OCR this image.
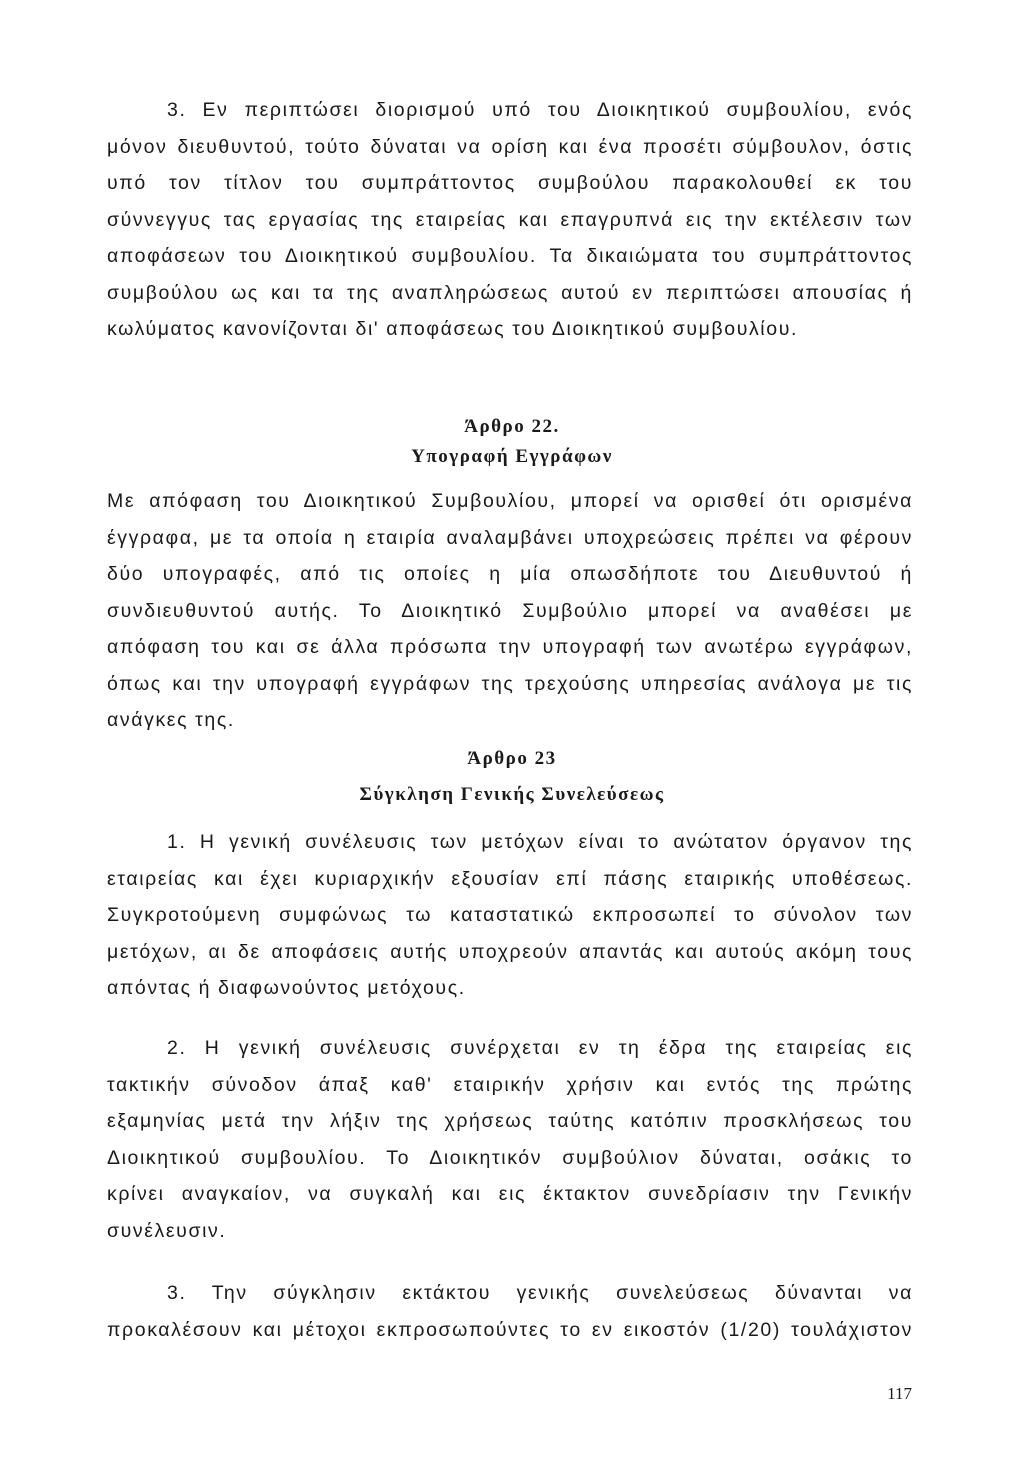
3. Εν περιπτώσει διορισμού υπό του Διοικητικού συμβουλίου, ενός
μόνον διευθυντού, τούτο δύναται να ορίση και ένα προσέτι σύμβουλον, όστις
υπό τον τίτλον του συμπράττοντος συμβούλου παρακολουθεί εκ του
σύννεγγυς τας εργασίας της εταιρείας και επαγρυπνά εις την εκτέλεσιν των
αποφάσεων του Διοικητικού συμβουλίου. Τα δικαιώματα του συμπράττοντος
συμβούλου ως και τα της αναπληρώσεως αυτού εν περιπτώσει απουσίας ή
κωλύματος κανονίζονται δι' αποφάσεως του Διοικητικού συμβουλίου.
Άρθρο 22.
Υπογραφή Εγγράφων
Με απόφαση του Διοικητικού Συμβουλίου, μπορεί να ορισθεί ότι ορισμένα
έγγραφα, με τα οποία η εταιρία αναλαμβάνει υποχρεώσεις πρέπει να φέρουν
δύο υπογραφές, από τις οποίες η μία οπωσδήποτε του Διευθυντού ή
συνδιευθυντού αυτής. Το Διοικητικό Συμβούλιο μπορεί να αναθέσει με
απόφαση του και σε άλλα πρόσωπα την υπογραφή των ανωτέρω εγγράφων,
όπως και την υπογραφή εγγράφων της τρεχούσης υπηρεσίας ανάλογα με τις
ανάγκες της.
Άρθρο 23
Σύγκληση Γενικής Συνελεύσεως
1. Η γενική συνέλευσις των μετόχων είναι το ανώτατον όργανον της
εταιρείας και έχει κυριαρχικήν εξουσίαν επί πάσης εταιρικής υποθέσεως.
Συγκροτούμενη συμφώνως τω καταστατικώ εκπροσωπεί το σύνολον των
μετόχων, αι δε αποφάσεις αυτής υποχρεούν απαντάς και αυτούς ακόμη τους
απόντας ή διαφωνούντος μετόχους.
2. Η γενική συνέλευσις συνέρχεται εν τη έδρα της εταιρείας εις
τακτικήν σύνοδον άπαξ καθ' εταιρικήν χρήσιν και εντός της πρώτης
εξαμηνίας μετά την λήξιν της χρήσεως ταύτης κατόπιν προσκλήσεως του
Διοικητικού συμβουλίου. Το Διοικητικόν συμβούλιον δύναται, οσάκις το
κρίνει αναγκαίον, να συγκαλή και εις έκτακτον συνεδρίασιν την Γενικήν
συνέλευσιν.
3. Την σύγκλησιν εκτάκτου γενικής συνελεύσεως δύνανται να
προκαλέσουν και μέτοχοι εκπροσωπούντες το εν εικοστόν (1/20) τουλάχιστον
117
